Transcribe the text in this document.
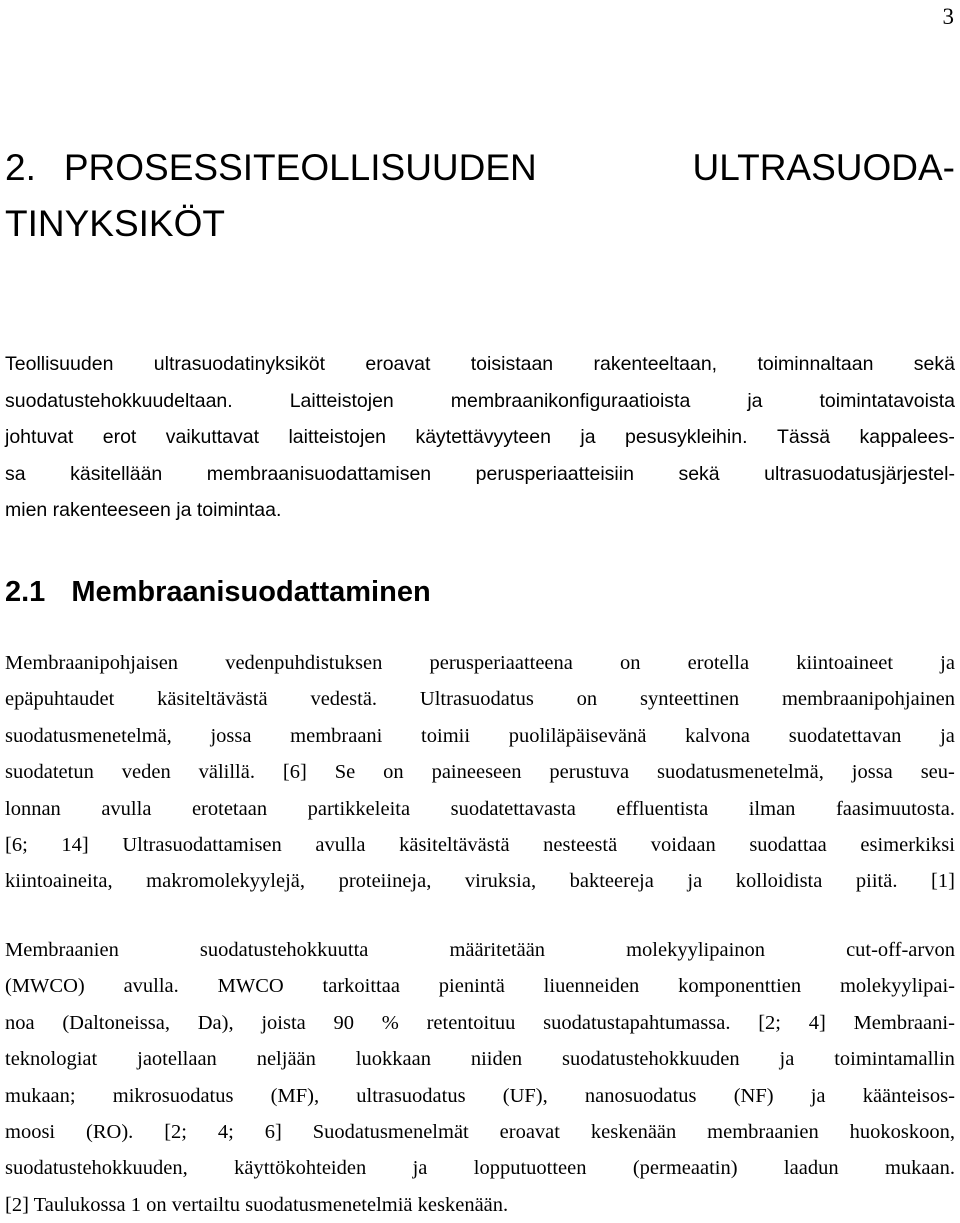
3
2. PROSESSITEOLLISUUDEN	ULTRASUODA-
TINYKSIKÖT
Teollisuuden ultrasuodatinyksiköt eroavat toisistaan rakenteeltaan, toiminnaltaan sekä
suodatustehokkuudeltaan.	Laitteistojen	membraanikonfiguraatioista	ja	toimintatavoista
johtuvat erot vaikuttavat laitteistojen käytettävyyteen ja pesusykleihin. Tässä kappalees-
sa käsitellään membraanisuodattamisen perusperiaatteisiin sekä ultrasuodatusjärjestel-
mien rakenteeseen ja toimintaa.
2.1 Membraanisuodattaminen
Membraanipohjaisen vedenpuhdistuksen perusperiaatteena on erotella kiintoaineet ja
epäpuhtaudet käsiteltävästä vedestä. Ultrasuodatus on synteettinen membraanipohjainen
suodatusmenetelmä, jossa membraani toimii puoliläpäisevänä kalvona suodatettavan ja
suodatetun veden välillä. [6] Se on paineeseen perustuva suodatusmenetelmä, jossa seu-
lonnan avulla erotetaan partikkeleita suodatettavasta effluentista ilman faasimuutosta.
[6; 14] Ultrasuodattamisen avulla käsiteltävästä nesteestä voidaan suodattaa esimerkiksi
kiintoaineita, makromolekyylejä, proteiineja, viruksia, bakteereja ja kolloidista piitä. [1]
Membraanien	suodatustehokkuutta	määritetään	molekyylipainon	cut-off-arvon
(MWCO) avulla. MWCO tarkoittaa pienintä liuenneiden komponenttien molekyylipai-
noa (Daltoneissa, Da), joista 90 % retentoituu suodatustapahtumassa. [2; 4] Membraani-
teknologiat jaotellaan neljään luokkaan niiden suodatustehokkuuden ja toimintamallin
mukaan; mikrosuodatus (MF), ultrasuodatus (UF), nanosuodatus (NF) ja käänteisos-
moosi (RO). [2; 4; 6] Suodatusmenelmät eroavat keskenään membraanien huokoskoon,
suodatustehokkuuden, käyttökohteiden ja lopputuotteen (permeaatin) laadun mukaan.
[2] Taulukossa 1 on vertailtu suodatusmenetelmiä keskenään.
